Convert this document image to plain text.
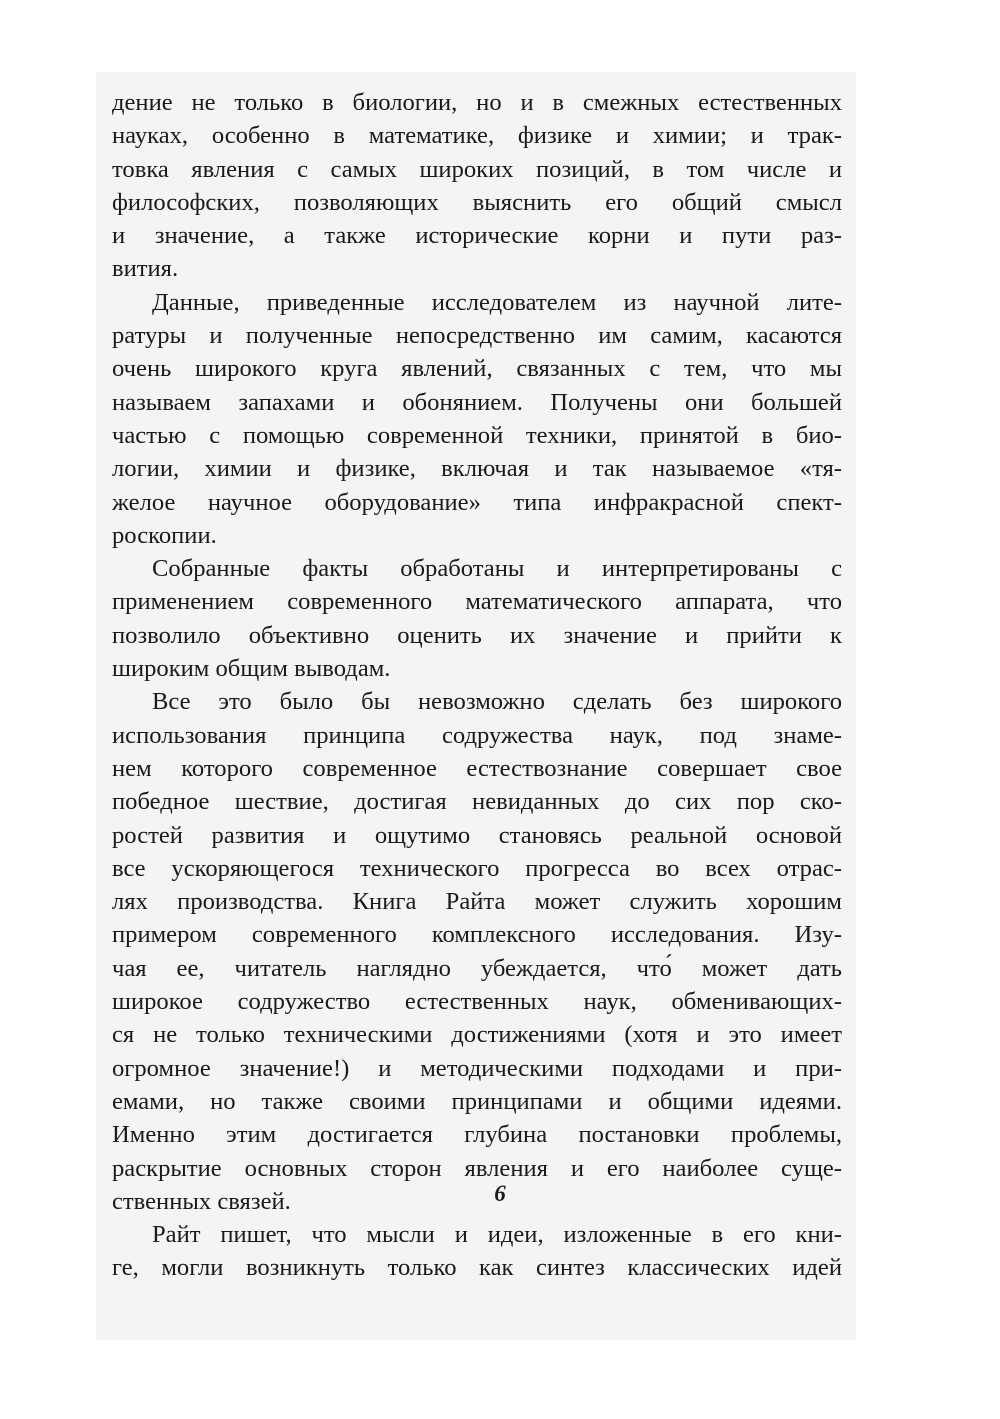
дение не только в биологии, но и в смежных естественных
науках, особенно в математике, физике и химии; и трак-
товка явления с самых широких позиций, в том числе и
философских, позволяющих выяснить его общий смысл
и значение, а также исторические корни и пути раз-
вития.

Данные, приведенные исследователем из научной лите-
ратуры и полученные непосредственно им самим, касаются
очень широкого круга явлений, связанных с тем, что мы
называем запахами и обонянием. Получены они большей
частью с помощью современной техники, принятой в био-
логии, химии и физике, включая и так называемое «тя-
желое научное оборудование» типа инфракрасной спект-
роскопии.

Собранные факты обработаны и интерпретированы с
применением современного математического аппарата, что
позволило объективно оценить их значение и прийти к
широким общим выводам.

Все это было бы невозможно сделать без широкого
использования принципа содружества наук, под знаме-
нем которого современное естествознание совершает свое
победное шествие, достигая невиданных до сих пор ско-
ростей развития и ощутимо становясь реальной основой
все ускоряющегося технического прогресса во всех отрас-
лях производства. Книга Райта может служить хорошим
примером современного комплексного исследования. Изу-
чая ее, читатель наглядно убеждается, что́ может дать
широкое содружество естественных наук, обменивающих-
ся не только техническими достижениями (хотя и это имеет
огромное значение!) и методическими подходами и при-
емами, но также своими принципами и общими идеями.
Именно этим достигается глубина постановки проблемы,
раскрытие основных сторон явления и его наиболее суще-
ственных связей.

Райт пишет, что мысли и идеи, изложенные в его кни-
ге, могли возникнуть только как синтез классических идей

6
